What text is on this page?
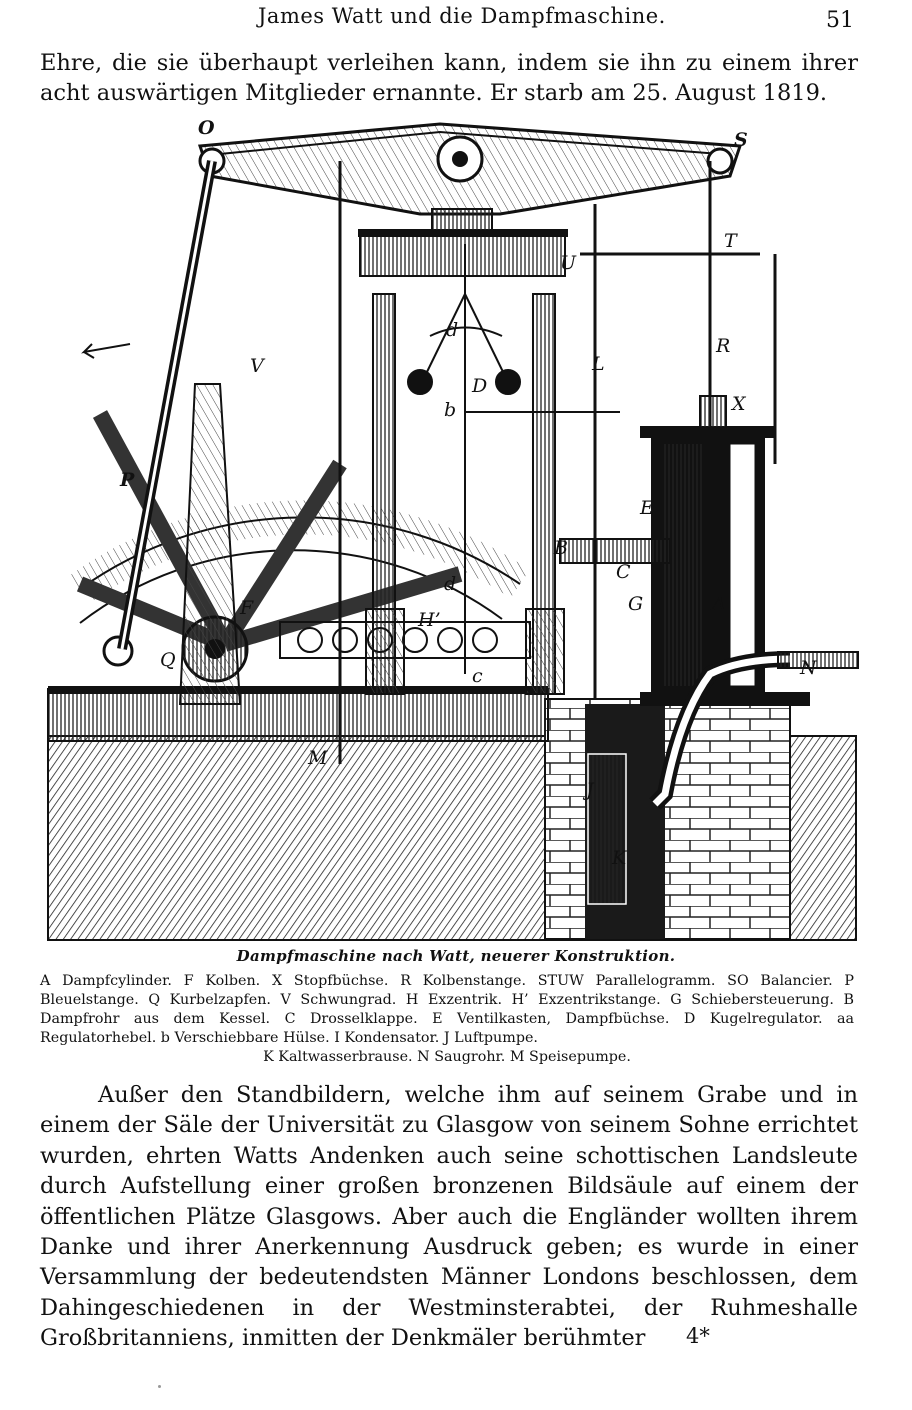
James Watt und die Dampfmaschine.	51

Ehre, die sie überhaupt verleihen kann, indem sie ihn zu einem ihrer acht auswärtigen Mitglieder ernannte. Er starb am 25. August 1819.

O
S
T
U
R
X
L
P
d
D
b
d
H’
c
B
C
G	A
N
M
J
K
Q
V
E
F
Dampfmaschine nach Watt, neuerer Konstruktion.

A Dampfcylinder. F Kolben. X Stopfbüchse. R Kolbenstange. STUW Parallelogramm. SO Balancier. P Bleuelstange. Q Kurbelzapfen. V Schwungrad. H Exzentrik. H’ Exzentrikstange. G Schiebersteuerung. B Dampfrohr aus dem Kessel. C Drosselklappe. E Ventilkasten, Dampfbüchse. D Kugelregulator. aa Regulatorhebel. b Verschiebbare Hülse. I Kondensator. J Luftpumpe.
K Kaltwasserbrause. N Saugrohr. M Speisepumpe.

Außer den Standbildern, welche ihm auf seinem Grabe und in einem der Säle der Universität zu Glasgow von seinem Sohne errichtet wurden, ehrten Watts Andenken auch seine schottischen Landsleute durch Aufstellung einer großen bronzenen Bildsäule auf einem der öffentlichen Plätze Glasgows. Aber auch die Engländer wollten ihrem Danke und ihrer Anerkennung Ausdruck geben; es wurde in einer Versammlung der bedeutendsten Männer Londons beschlossen, dem Dahingeschiedenen in der Westminsterabtei, der Ruhmeshalle Großbritanniens, inmitten der Denkmäler berühmter	4*
